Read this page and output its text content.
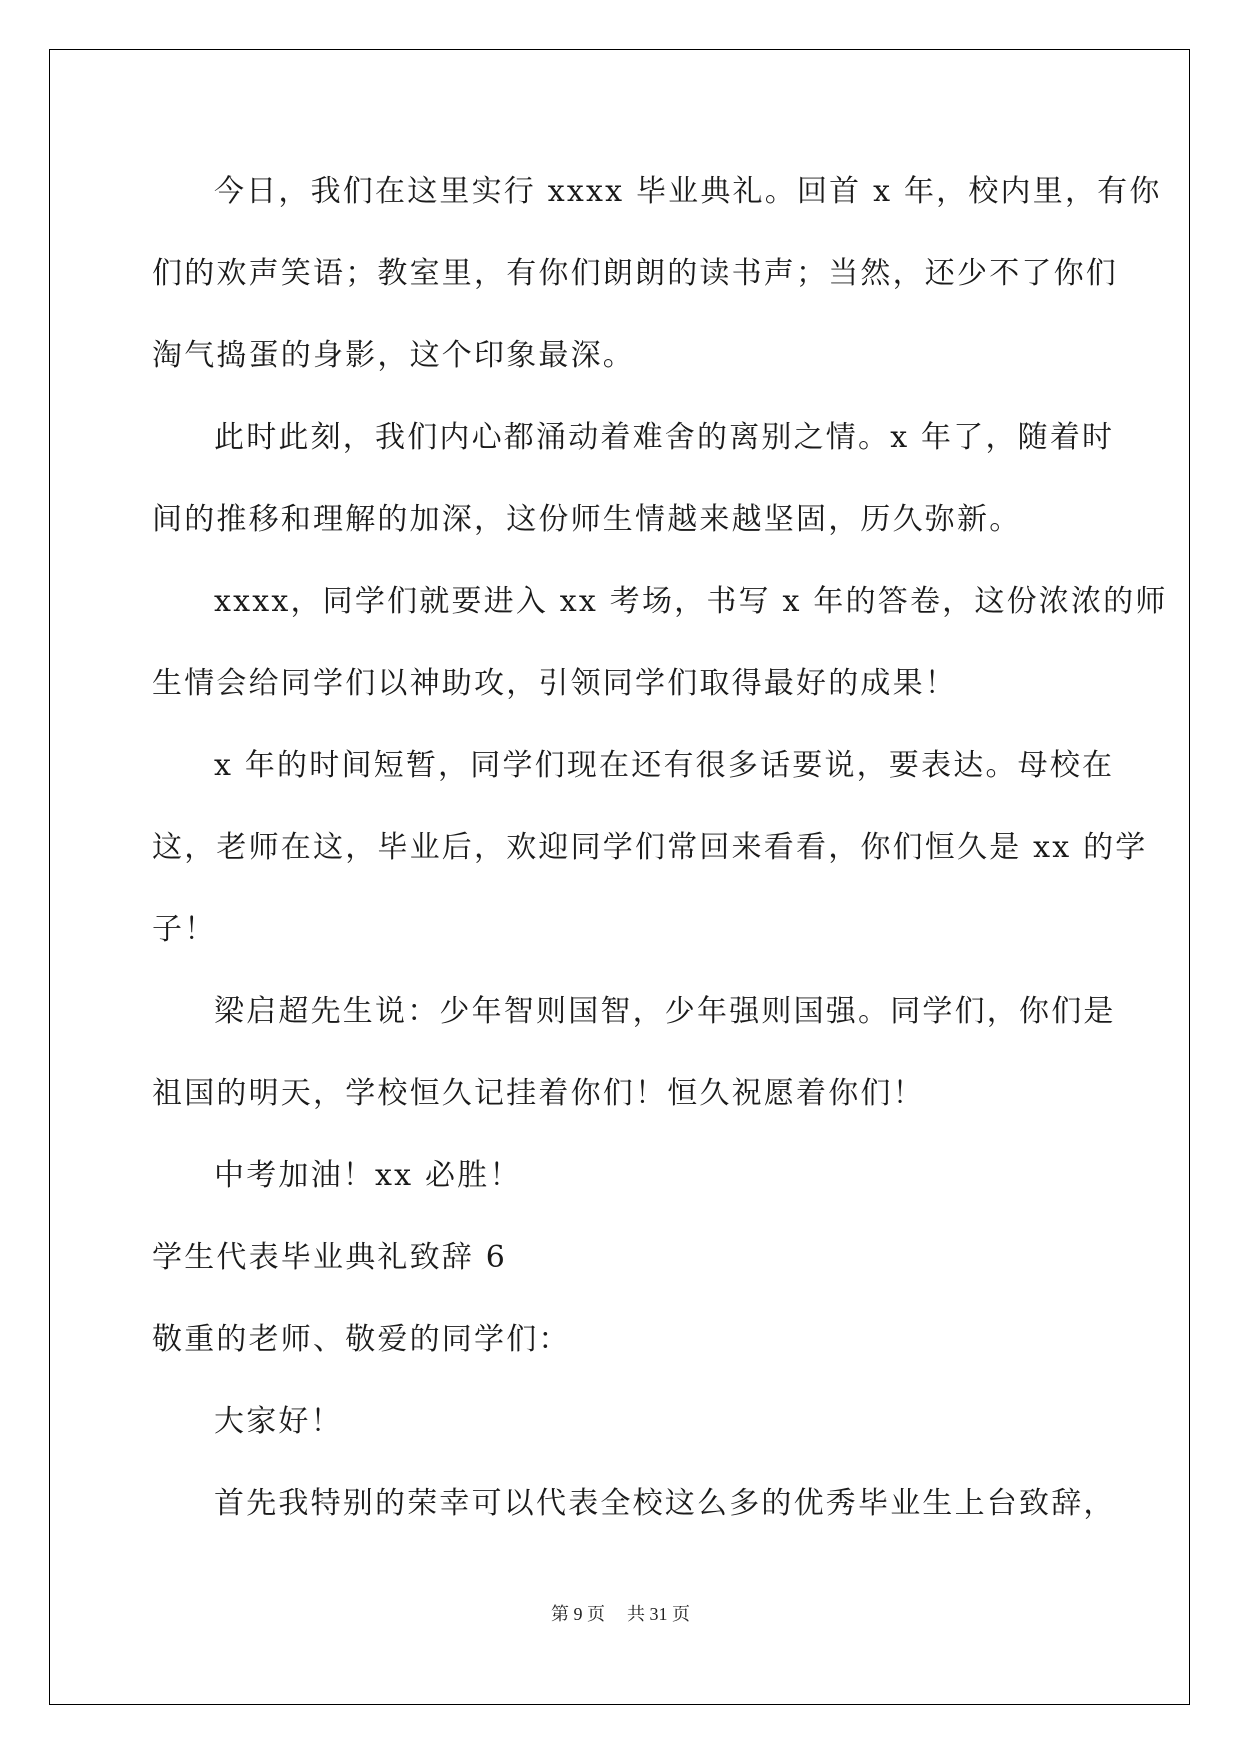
今日，我们在这里实行 xxxx 毕业典礼。回首 x 年，校内里，有你
们的欢声笑语；教室里，有你们朗朗的读书声；当然，还少不了你们
淘气捣蛋的身影，这个印象最深。
此时此刻，我们内心都涌动着难舍的离别之情。x 年了，随着时
间的推移和理解的加深，这份师生情越来越坚固，历久弥新。
xxxx，同学们就要进入 xx 考场，书写 x 年的答卷，这份浓浓的师
生情会给同学们以神助攻，引领同学们取得最好的成果！
x 年的时间短暂，同学们现在还有很多话要说，要表达。母校在
这，老师在这，毕业后，欢迎同学们常回来看看，你们恒久是 xx 的学
子！
梁启超先生说：少年智则国智，少年强则国强。同学们，你们是
祖国的明天，学校恒久记挂着你们！恒久祝愿着你们！
中考加油！xx 必胜！
学生代表毕业典礼致辞 6
敬重的老师、敬爱的同学们：
大家好！
首先我特别的荣幸可以代表全校这么多的优秀毕业生上台致辞，
第 9 页 共 31 页
